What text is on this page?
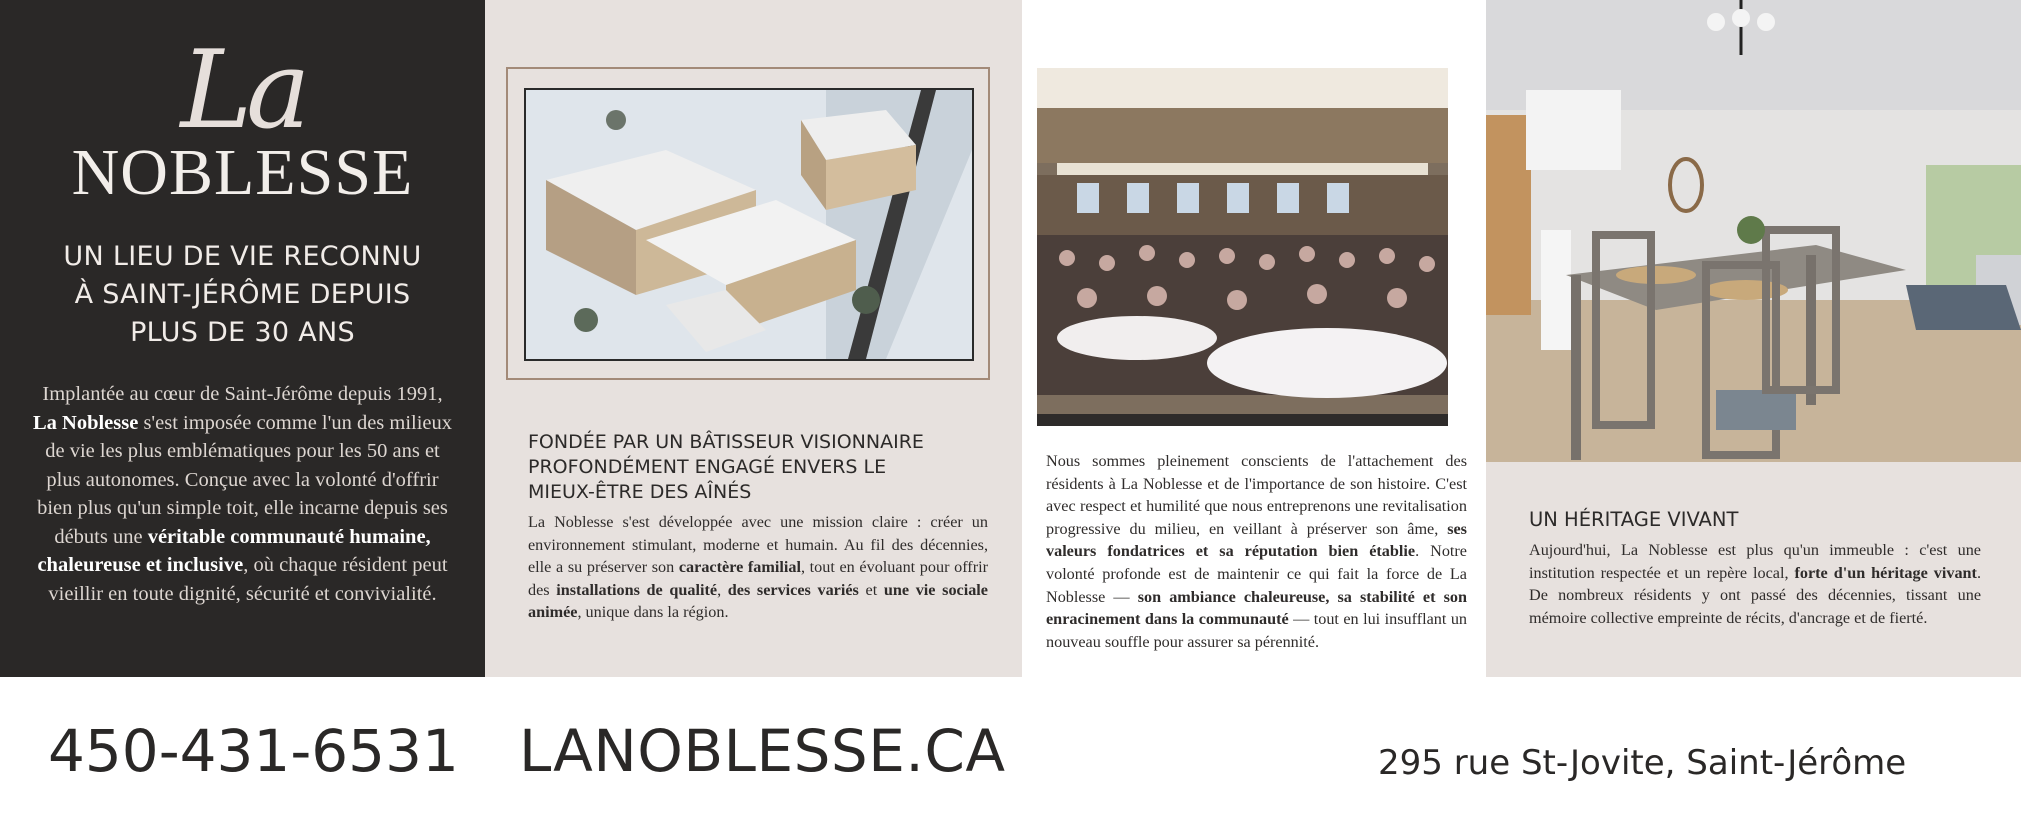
La
NOBLESSE
UN LIEU DE VIE RECONNU
À SAINT-JÉRÔME DEPUIS
PLUS DE 30 ANS
Implantée au cœur de Saint-Jérôme depuis 1991, La Noblesse s'est imposée comme l'un des milieux de vie les plus emblématiques pour les 50 ans et plus autonomes. Conçue avec la volonté d'offrir bien plus qu'un simple toit, elle incarne depuis ses débuts une véritable communauté humaine, chaleureuse et inclusive, où chaque résident peut vieillir en toute dignité, sécurité et convivialité.
FONDÉE PAR UN BÂTISSEUR VISIONNAIRE
PROFONDÉMENT ENGAGÉ ENVERS LE
MIEUX-ÊTRE DES AÎNÉS
La Noblesse s'est développée avec une mission claire : créer un environnement stimulant, moderne et humain. Au fil des décennies, elle a su préserver son caractère familial, tout en évoluant pour offrir des installations de qualité, des services variés et une vie sociale animée, unique dans la région.
Nous sommes pleinement conscients de l'attachement des résidents à La Noblesse et de l'importance de son histoire. C'est avec respect et humilité que nous entreprenons une revitalisation progressive du milieu, en veillant à préserver son âme, ses valeurs fondatrices et sa réputation bien établie. Notre volonté profonde est de maintenir ce qui fait la force de La Noblesse — son ambiance chaleureuse, sa stabilité et son enracinement dans la communauté — tout en lui insufflant un nouveau souffle pour assurer sa pérennité.
UN HÉRITAGE VIVANT
Aujourd'hui, La Noblesse est plus qu'un immeuble : c'est une institution respectée et un repère local, forte d'un héritage vivant. De nombreux résidents y ont passé des décennies, tissant une mémoire collective empreinte de récits, d'ancrage et de fierté.
450-431-6531 LANOBLESSE.CA	295 rue St-Jovite, Saint-Jérôme
